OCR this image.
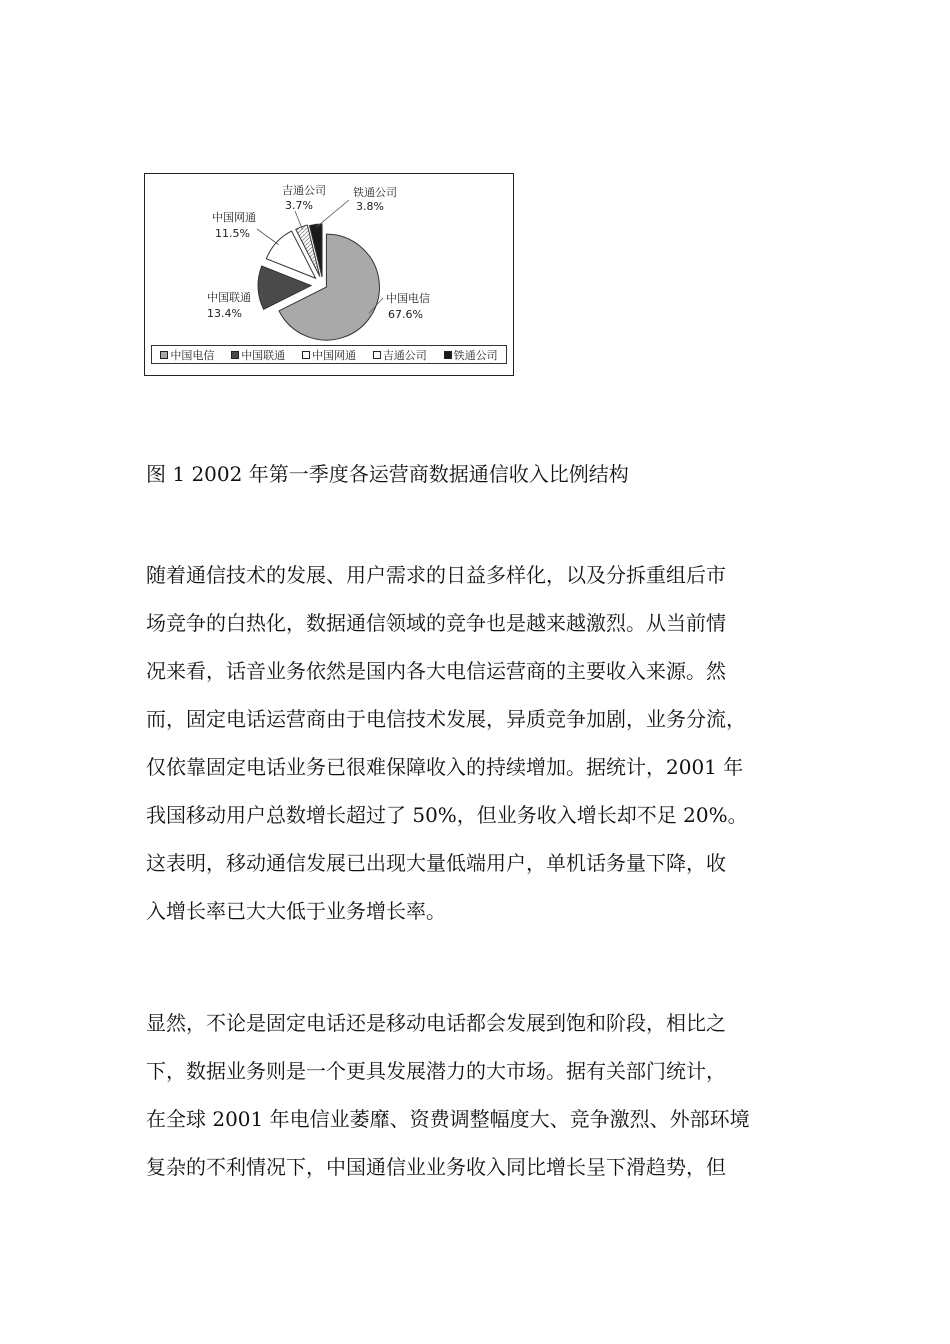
中国电信
67.6%
中国联通
13.4%
中国网通
11.5%
吉通公司
3.7%
铁通公司
3.8%
中国电信 中国联通 中国网通 吉通公司 铁通公司
图 1 2002 年第一季度各运营商数据通信收入比例结构
随着通信技术的发展、用户需求的日益多样化，以及分拆重组后市
场竞争的白热化，数据通信领域的竞争也是越来越激烈。从当前情
况来看，话音业务依然是国内各大电信运营商的主要收入来源。然
而，固定电话运营商由于电信技术发展，异质竞争加剧，业务分流，
仅依靠固定电话业务已很难保障收入的持续增加。据统计，2001 年
我国移动用户总数增长超过了 50%，但业务收入增长却不足 20%。
这表明，移动通信发展已出现大量低端用户，单机话务量下降，收
入增长率已大大低于业务增长率。
显然，不论是固定电话还是移动电话都会发展到饱和阶段，相比之
下，数据业务则是一个更具发展潜力的大市场。据有关部门统计，
在全球 2001 年电信业萎靡、资费调整幅度大、竞争激烈、外部环境
复杂的不利情况下，中国通信业业务收入同比增长呈下滑趋势，但
